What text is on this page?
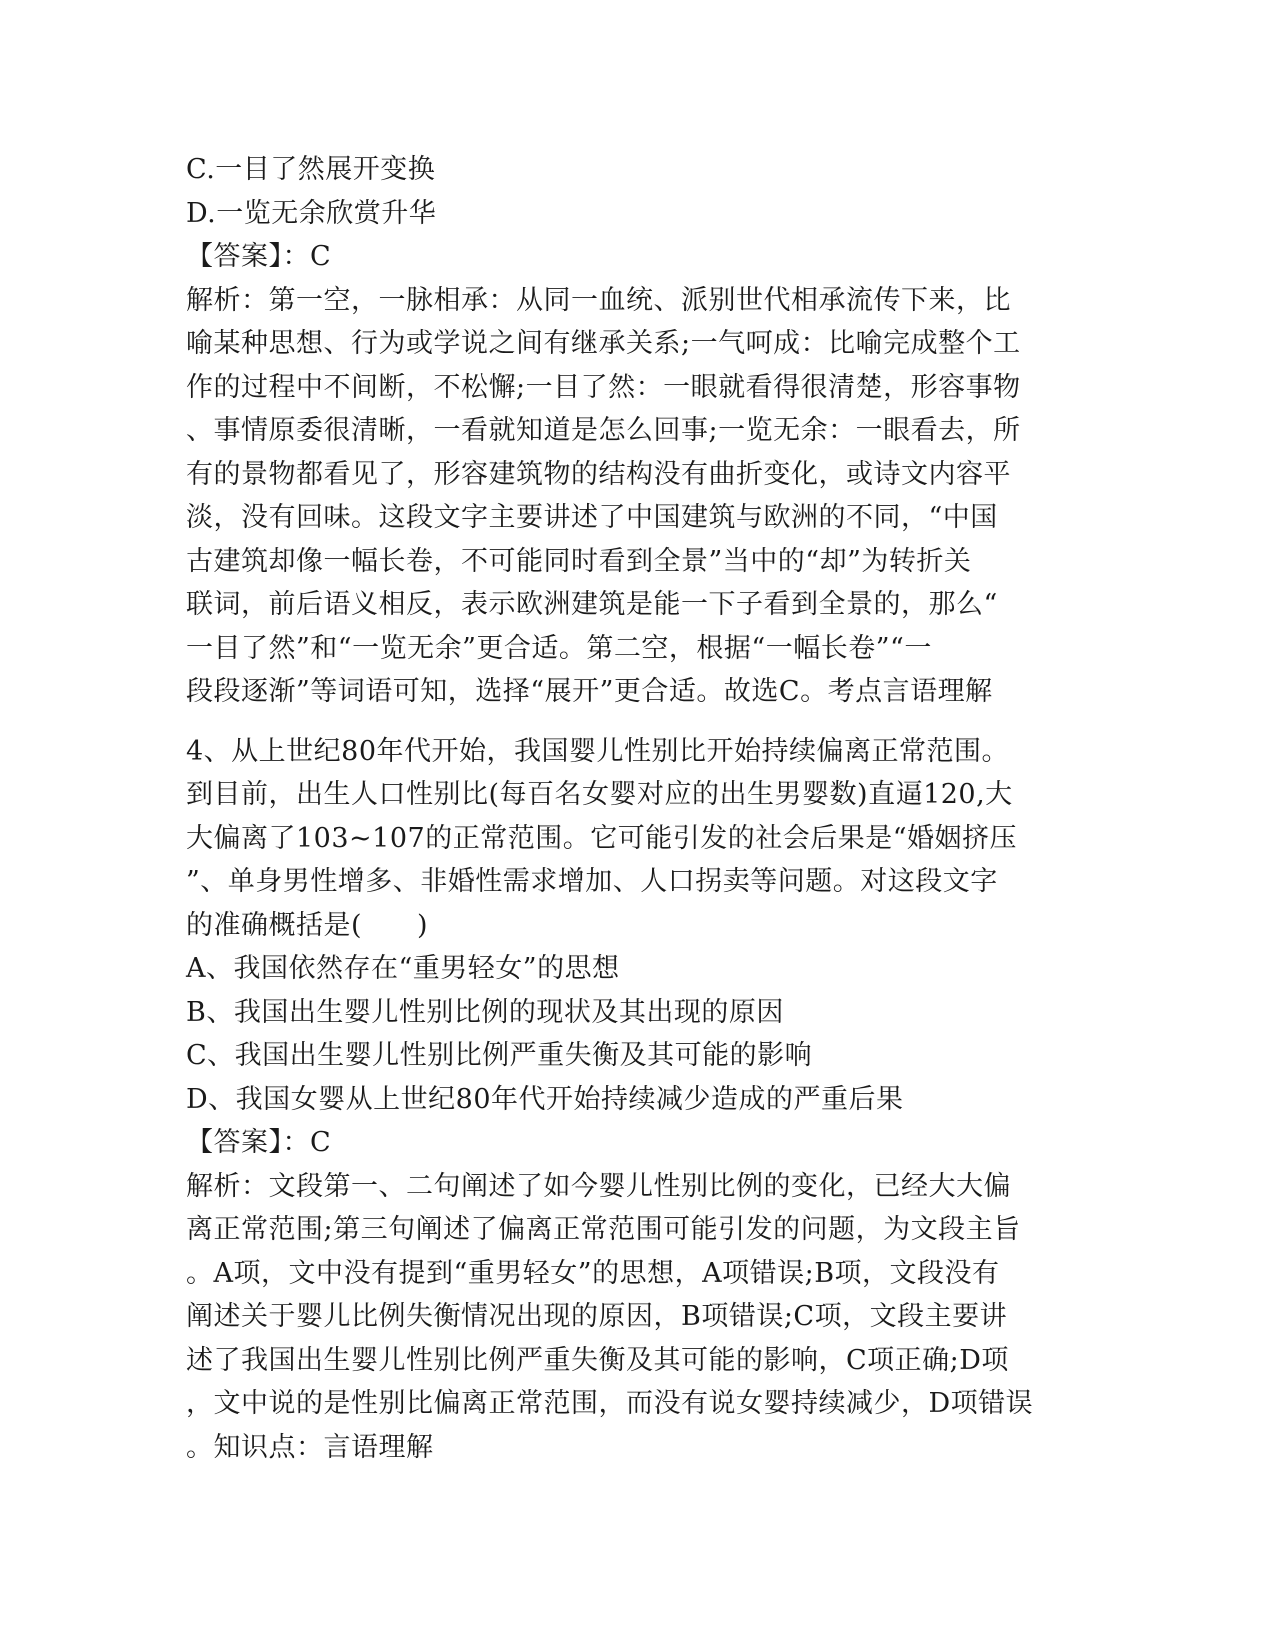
C.一目了然展开变换
D.一览无余欣赏升华
【答案】：C
解析：第一空，一脉相承：从同一血统、派别世代相承流传下来，比
喻某种思想、行为或学说之间有继承关系;一气呵成：比喻完成整个工
作的过程中不间断，不松懈;一目了然：一眼就看得很清楚，形容事物
、事情原委很清晰，一看就知道是怎么回事;一览无余：一眼看去，所
有的景物都看见了，形容建筑物的结构没有曲折变化，或诗文内容平
淡，没有回味。这段文字主要讲述了中国建筑与欧洲的不同，“中国
古建筑却像一幅长卷，不可能同时看到全景”当中的“却”为转折关
联词，前后语义相反，表示欧洲建筑是能一下子看到全景的，那么“
一目了然”和“一览无余”更合适。第二空，根据“一幅长卷”“一
段段逐渐”等词语可知，选择“展开”更合适。故选C。考点言语理解
4、从上世纪80年代开始，我国婴儿性别比开始持续偏离正常范围。
到目前，出生人口性别比(每百名女婴对应的出生男婴数)直逼120,大
大偏离了103~107的正常范围。它可能引发的社会后果是“婚姻挤压
”、单身男性增多、非婚性需求增加、人口拐卖等问题。对这段文字
的准确概括是(　　)
A、我国依然存在“重男轻女”的思想
B、我国出生婴儿性别比例的现状及其出现的原因
C、我国出生婴儿性别比例严重失衡及其可能的影响
D、我国女婴从上世纪80年代开始持续减少造成的严重后果
【答案】：C
解析：文段第一、二句阐述了如今婴儿性别比例的变化，已经大大偏
离正常范围;第三句阐述了偏离正常范围可能引发的问题，为文段主旨
。A项，文中没有提到“重男轻女”的思想，A项错误;B项，文段没有
阐述关于婴儿比例失衡情况出现的原因，B项错误;C项，文段主要讲
述了我国出生婴儿性别比例严重失衡及其可能的影响，C项正确;D项
，文中说的是性别比偏离正常范围，而没有说女婴持续减少，D项错误
。知识点：言语理解
